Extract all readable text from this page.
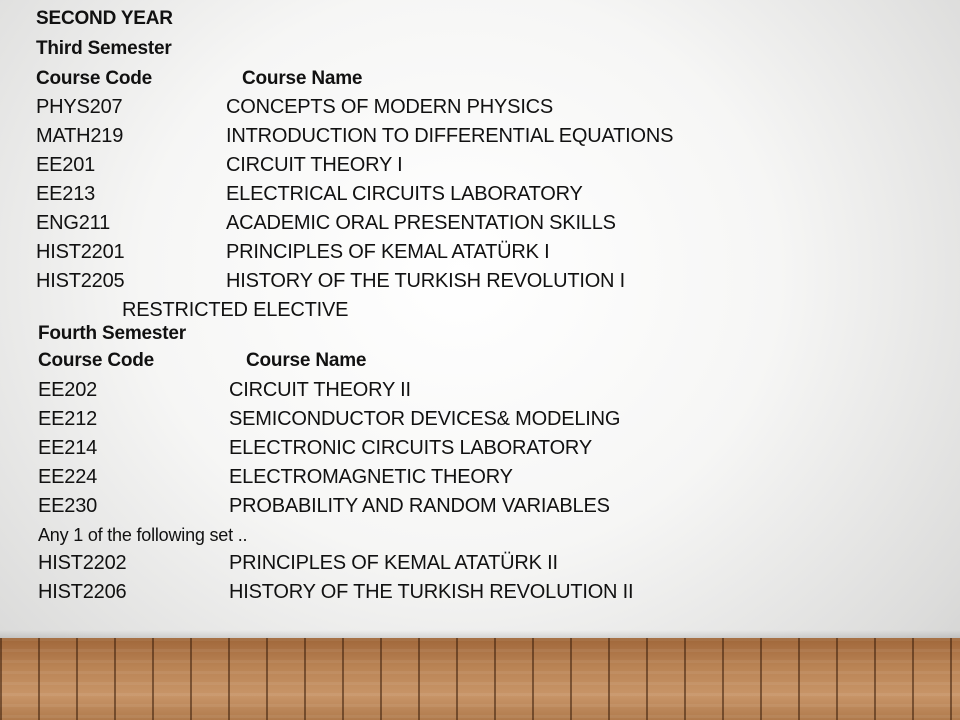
SECOND YEAR
Third Semester
Course Code	Course Name
PHYS207	CONCEPTS OF MODERN PHYSICS
MATH219	INTRODUCTION TO DIFFERENTIAL EQUATIONS
EE201	CIRCUIT THEORY I
EE213	ELECTRICAL CIRCUITS LABORATORY
ENG211	ACADEMIC ORAL PRESENTATION SKILLS
HIST2201	PRINCIPLES OF KEMAL ATATÜRK I
HIST2205	HISTORY OF THE TURKISH REVOLUTION I
RESTRICTED ELECTIVE
Fourth Semester
Course Code	Course Name
EE202	CIRCUIT THEORY II
EE212	SEMICONDUCTOR DEVICES& MODELING
EE214	ELECTRONIC CIRCUITS LABORATORY
EE224	ELECTROMAGNETIC THEORY
EE230	PROBABILITY AND RANDOM VARIABLES
Any 1 of the following set ..
HIST2202	PRINCIPLES OF KEMAL ATATÜRK II
HIST2206	HISTORY OF THE TURKISH REVOLUTION II
